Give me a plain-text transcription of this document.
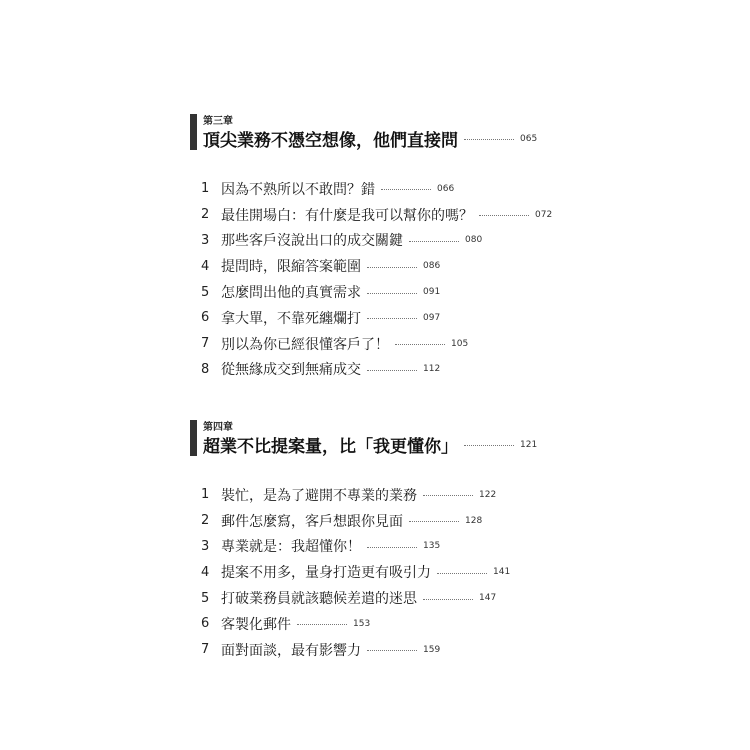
第三章
頂尖業務不憑空想像，他們直接問	065
1 因為不熟所以不敢問？錯	066
2 最佳開場白：有什麼是我可以幫你的嗎？	072
3 那些客戶沒說出口的成交關鍵	080
4 提問時，限縮答案範圍	086
5 怎麼問出他的真實需求	091
6 拿大單，不靠死纏爛打	097
7 別以為你已經很懂客戶了！	105
8 從無緣成交到無痛成交	112
第四章
超業不比提案量，比「我更懂你」	121
1 裝忙，是為了避開不專業的業務	122
2 郵件怎麼寫，客戶想跟你見面	128
3 專業就是：我超懂你！	135
4 提案不用多，量身打造更有吸引力	141
5 打破業務員就該聽候差遣的迷思	147
6 客製化郵件	153
7 面對面談，最有影響力	159
